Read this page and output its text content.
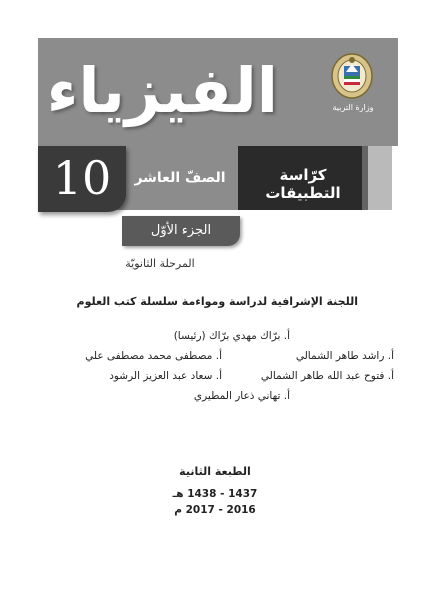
الفيزياء	وزارة التربية
10	الصفّ العاشر	كرّاسة التطبيقات
الجزء الأوّل
المرحلة الثانويّة
اللجنة الإشرافية لدراسة ومواءمة سلسلة كتب العلوم
أ. برّاك مهدي برّاك (رئيسا)
أ. راشد طاهر الشمالي
أ. مصطفى محمد مصطفى علي
أ. فتوح عبد الله طاهر الشمالي
أ. سعاد عبد العزيز الرشود
أ. تهاني ذعار المطيري
الطبعة الثانية
1437 - 1438 هـ
2016 - 2017 م
